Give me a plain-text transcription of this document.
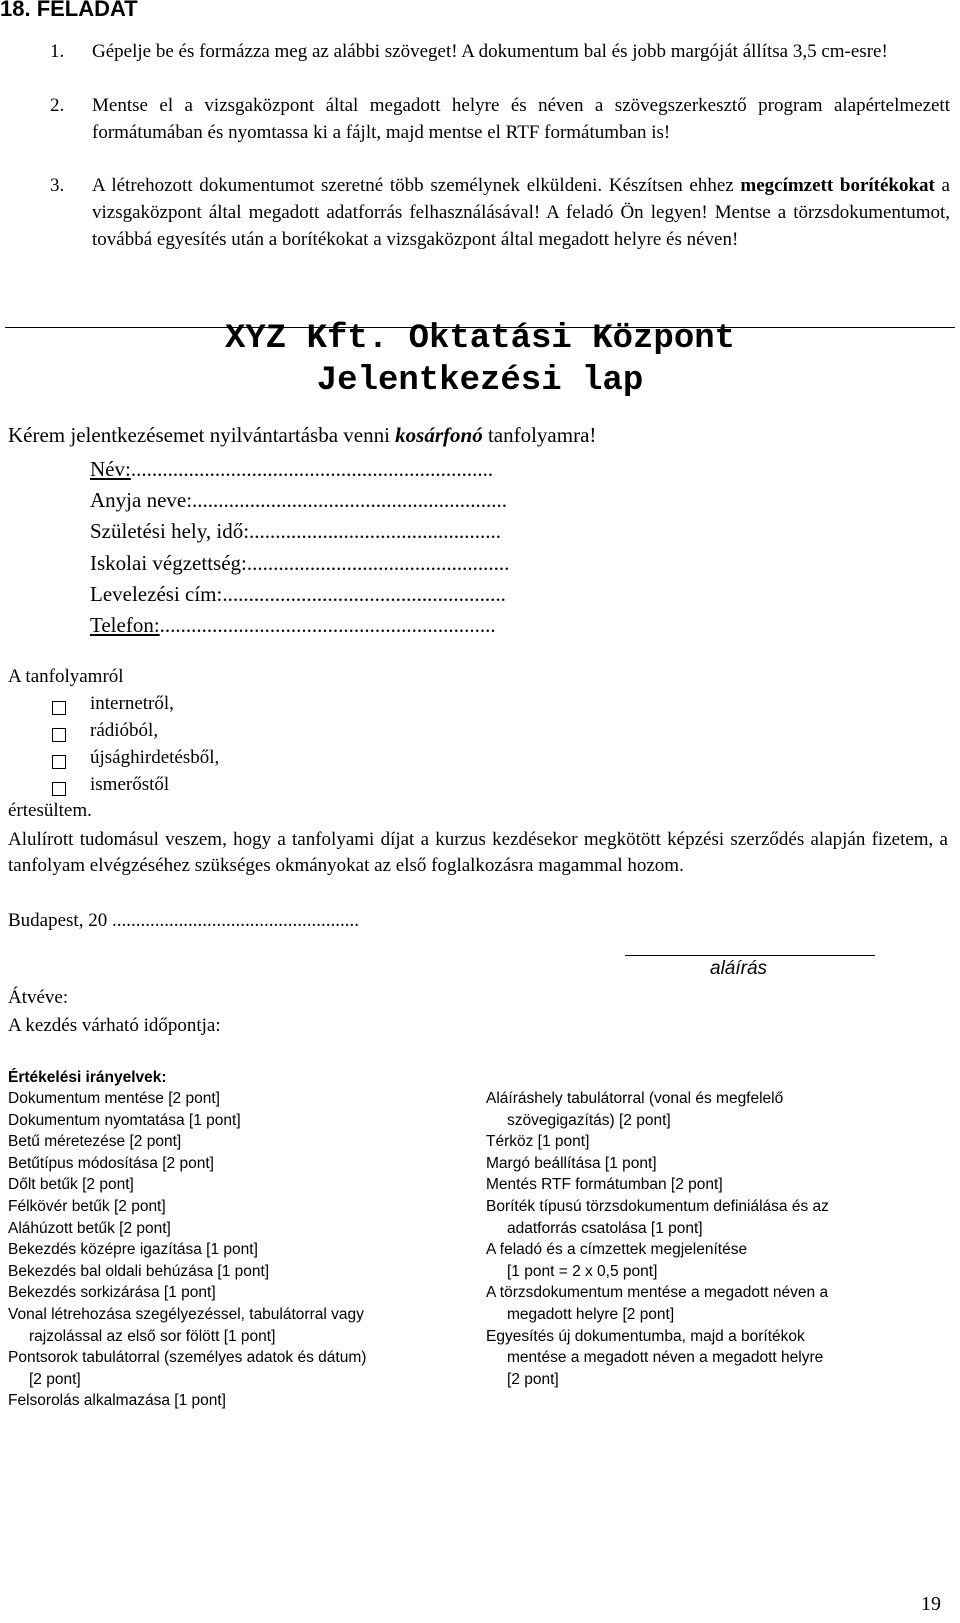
18. FELADAT
1.	Gépelje be és formázza meg az alábbi szöveget! A dokumentum bal és jobb margóját állítsa 3,5 cm-esre!
2.	Mentse el a vizsgaközpont által megadott helyre és néven a szövegszerkesztő program alapértelmezett formátumában és nyomtassa ki a fájlt, majd mentse el RTF formátumban is!
3.	A létrehozott dokumentumot szeretné több személynek elküldeni. Készítsen ehhez megcímzett borítékokat a vizsgaközpont által megadott adatforrás felhasználásával! A feladó Ön legyen! Mentse a törzsdokumentumot, továbbá egyesítés után a borítékokat a vizsgaközpont által megadott helyre és néven!
XYZ Kft. Oktatási Központ
Jelentkezési lap
Kérem jelentkezésemet nyilvántartásba venni kosárfonó tanfolyamra!
Név:.....................................................................
Anyja neve:............................................................
Születési hely, idő:................................................
Iskolai végzettség:..................................................
Levelezési cím:......................................................
Telefon:................................................................
A tanfolyamról
internetről,
rádióból,
újsághirdetésből,
ismerőstől
értesültem.
Alulírott tudomásul veszem, hogy a tanfolyami díjat a kurzus kezdésekor megkötött képzési szerződés alapján fizetem, a tanfolyam elvégzéséhez szükséges okmányokat az első foglalkozásra magammal hozom.
Budapest, 20 ....................................................
aláírás
Átvéve:
A kezdés várható időpontja:
Értékelési irányelvek:
Dokumentum mentése [2 pont]
Dokumentum nyomtatása [1 pont]
Betű méretezése [2 pont]
Betűtípus módosítása [2 pont]
Dőlt betűk [2 pont]
Félkövér betűk [2 pont]
Aláhúzott betűk [2 pont]
Bekezdés középre igazítása [1 pont]
Bekezdés bal oldali behúzása [1 pont]
Bekezdés sorkizárása [1 pont]
Vonal létrehozása szegélyezéssel, tabulátorral vagy
rajzolással az első sor fölött [1 pont]
Pontsorok tabulátorral (személyes adatok és dátum)
[2 pont]
Felsorolás alkalmazása [1 pont]
Aláíráshely tabulátorral (vonal és megfelelő
szövegigazítás) [2 pont]
Térköz [1 pont]
Margó beállítása [1 pont]
Mentés RTF formátumban [2 pont]
Boríték típusú törzsdokumentum definiálása és az
adatforrás csatolása [1 pont]
A feladó és a címzettek megjelenítése
[1 pont = 2 x 0,5 pont]
A törzsdokumentum mentése a megadott néven a
megadott helyre [2 pont]
Egyesítés új dokumentumba, majd a borítékok
mentése a megadott néven a megadott helyre
[2 pont]
19
